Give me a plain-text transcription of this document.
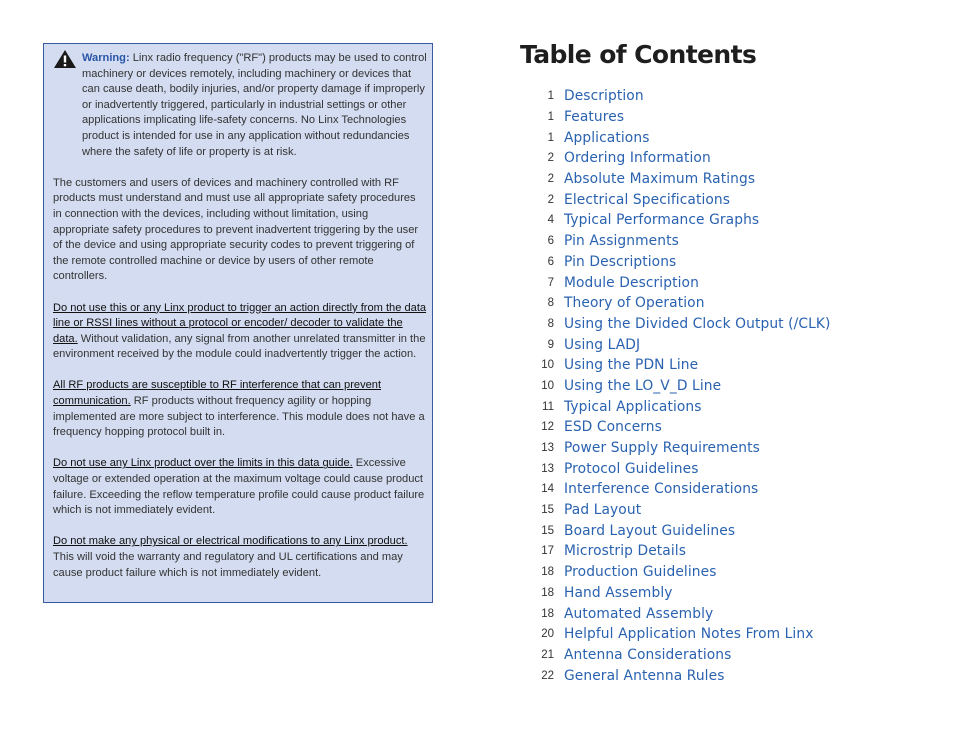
Warning: Linx radio frequency ("RF") products may be used to control machinery or devices remotely, including machinery or devices that can cause death, bodily injuries, and/or property damage if improperly or inadvertently triggered, particularly in industrial settings or other applications implicating life-safety concerns. No Linx Technologies product is intended for use in any application without redundancies where the safety of life or property is at risk.

The customers and users of devices and machinery controlled with RF products must understand and must use all appropriate safety procedures in connection with the devices, including without limitation, using appropriate safety procedures to prevent inadvertent triggering by the user of the device and using appropriate security codes to prevent triggering of the remote controlled machine or device by users of other remote controllers.

Do not use this or any Linx product to trigger an action directly from the data line or RSSI lines without a protocol or encoder/ decoder to validate the data. Without validation, any signal from another unrelated transmitter in the environment received by the module could inadvertently trigger the action.

All RF products are susceptible to RF interference that can prevent communication. RF products without frequency agility or hopping implemented are more subject to interference. This module does not have a frequency hopping protocol built in.

Do not use any Linx product over the limits in this data guide. Excessive voltage or extended operation at the maximum voltage could cause product failure. Exceeding the reflow temperature profile could cause product failure which is not immediately evident.

Do not make any physical or electrical modifications to any Linx product. This will void the warranty and regulatory and UL certifications and may cause product failure which is not immediately evident.

Table of Contents
1 Description
1 Features
1 Applications
2 Ordering Information
2 Absolute Maximum Ratings
2 Electrical Specifications
4 Typical Performance Graphs
6 Pin Assignments
6 Pin Descriptions
7 Module Description
8 Theory of Operation
8 Using the Divided Clock Output (/CLK)
9 Using LADJ
10 Using the PDN Line
10 Using the LO_V_D Line
11 Typical Applications
12 ESD Concerns
13 Power Supply Requirements
13 Protocol Guidelines
14 Interference Considerations
15 Pad Layout
15 Board Layout Guidelines
17 Microstrip Details
18 Production Guidelines
18 Hand Assembly
18 Automated Assembly
20 Helpful Application Notes From Linx
21 Antenna Considerations
22 General Antenna Rules
